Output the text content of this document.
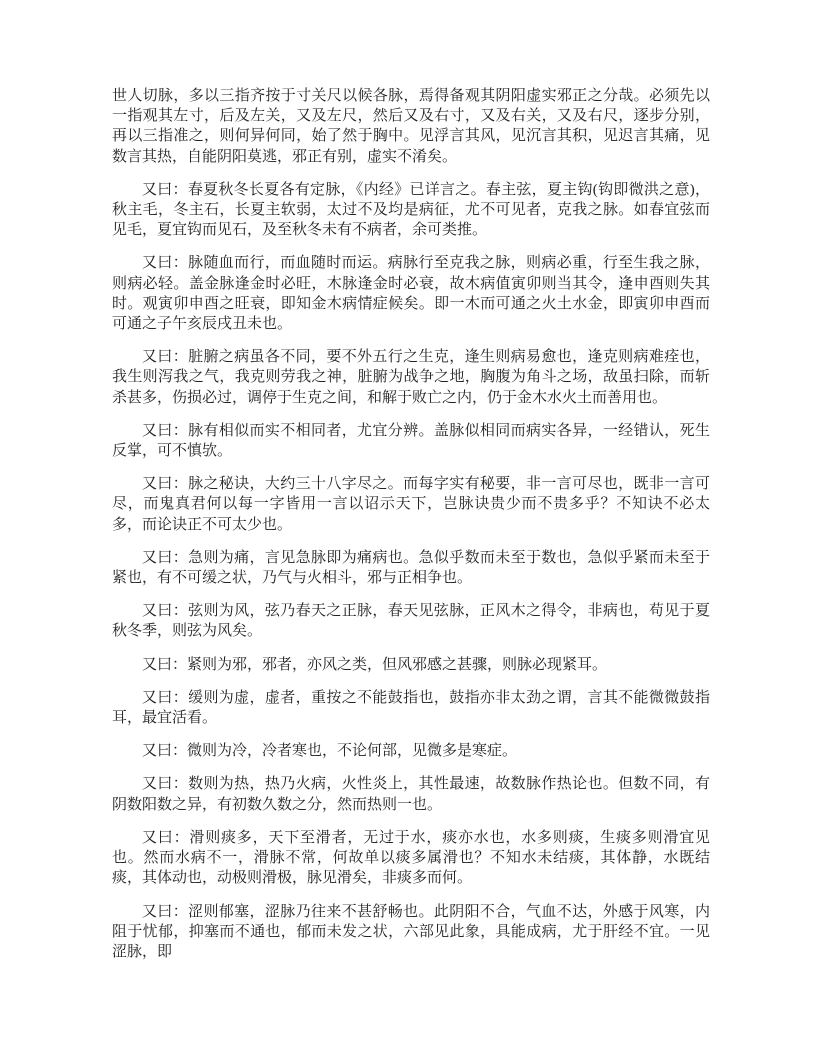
世人切脉，多以三指齐按于寸关尺以候各脉，焉得备观其阴阳虚实邪正之分哉。必须先以一指观其左寸，后及左关，又及左尺，然后又及右寸，又及右关，又及右尺，逐步分别，再以三指准之，则何异何同，始了然于胸中。见浮言其风，见沉言其积，见迟言其痛，见数言其热，自能阴阳莫逃，邪正有别，虚实不淆矣。

又曰：春夏秋冬长夏各有定脉，《内经》已详言之。春主弦，夏主钩(钩即微洪之意)，秋主毛，冬主石，长夏主软弱，太过不及均是病征，尤不可见者，克我之脉。如春宜弦而见毛，夏宜钩而见石，及至秋冬未有不病者，余可类推。

又曰：脉随血而行，而血随时而运。病脉行至克我之脉，则病必重，行至生我之脉，则病必轻。盖金脉逢金时必旺，木脉逢金时必衰，故木病值寅卯则当其令，逢申酉则失其时。观寅卯申酉之旺衰，即知金木病情症候矣。即一木而可通之火土水金，即寅卯申酉而可通之子午亥辰戌丑未也。

又曰：脏腑之病虽各不同，要不外五行之生克，逢生则病易愈也，逢克则病难痊也，我生则泻我之气，我克则劳我之神，脏腑为战争之地，胸腹为角斗之场，敌虽扫除，而斩杀甚多，伤损必过，调停于生克之间，和解于败亡之内，仍于金木水火土而善用也。

又曰：脉有相似而实不相同者，尤宜分辨。盖脉似相同而病实各异，一经错认，死生反掌，可不慎欤。

又曰：脉之秘诀，大约三十八字尽之。而每字实有秘要，非一言可尽也，既非一言可尽，而鬼真君何以每一字皆用一言以诏示天下，岂脉诀贵少而不贵多乎？不知诀不必太多，而论诀正不可太少也。

又曰：急则为痛，言见急脉即为痛病也。急似乎数而未至于数也，急似乎紧而未至于紧也，有不可缓之状，乃气与火相斗，邪与正相争也。

又曰：弦则为风，弦乃春天之正脉，春天见弦脉，正风木之得令，非病也，苟见于夏秋冬季，则弦为风矣。

又曰：紧则为邪，邪者，亦风之类，但风邪感之甚骤，则脉必现紧耳。

又曰：缓则为虚，虚者，重按之不能鼓指也，鼓指亦非太劲之谓，言其不能微微鼓指耳，最宜活看。

又曰：微则为冷，冷者寒也，不论何部，见微多是寒症。

又曰：数则为热，热乃火病，火性炎上，其性最速，故数脉作热论也。但数不同，有阴数阳数之异，有初数久数之分，然而热则一也。

又曰：滑则痰多，天下至滑者，无过于水，痰亦水也，水多则痰，生痰多则滑宜见也。然而水病不一，滑脉不常，何故单以痰多属滑也？不知水未结痰，其体静，水既结痰，其体动也，动极则滑极，脉见滑矣，非痰多而何。

又曰：涩则郁塞，涩脉乃往来不甚舒畅也。此阴阳不合，气血不达，外感于风寒，内阻于忧郁，抑塞而不通也，郁而未发之状，六部见此象，具能成病，尤于肝经不宜。一见涩脉，即
